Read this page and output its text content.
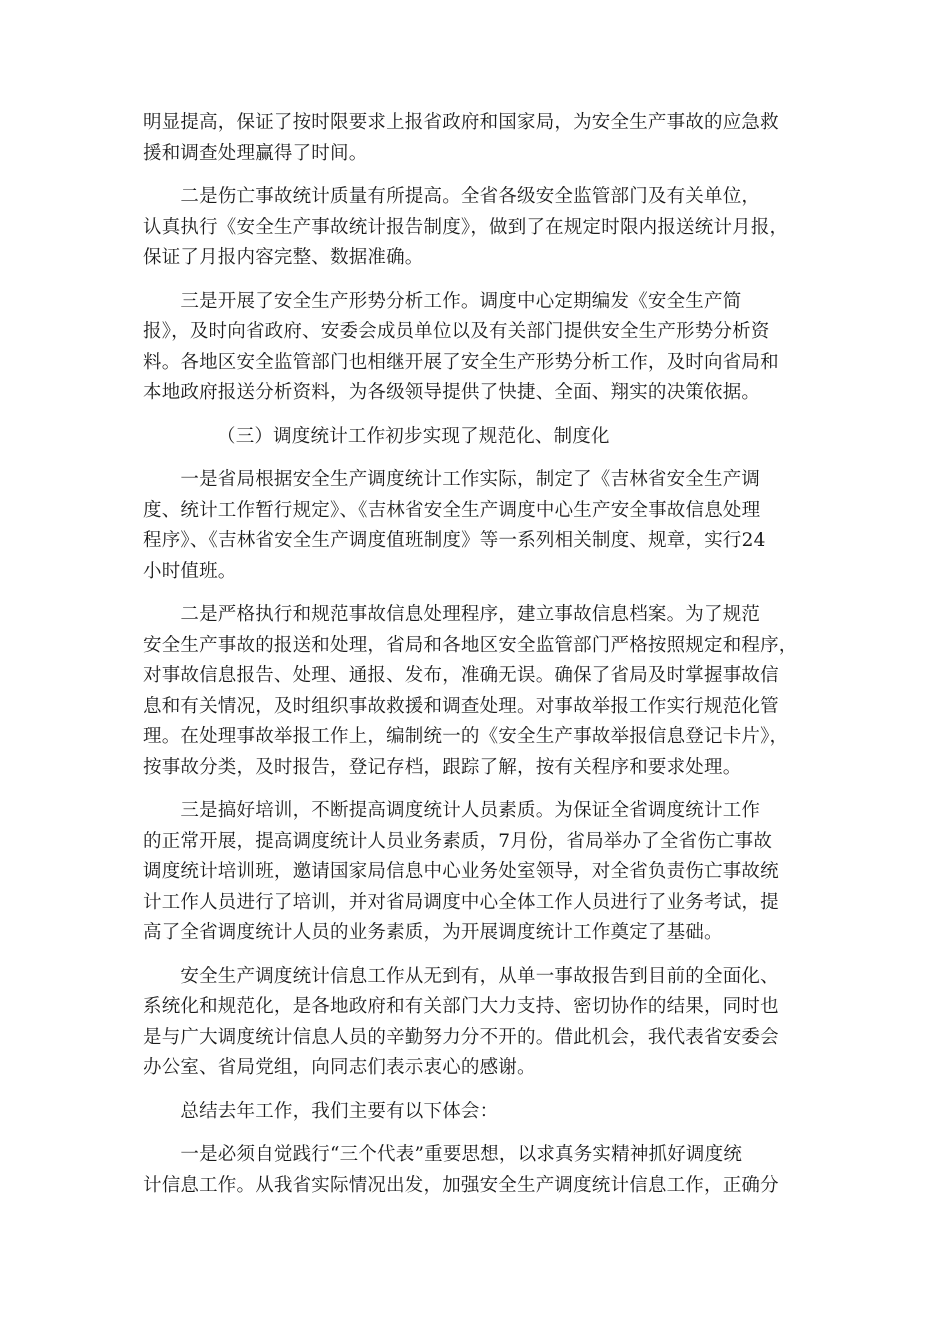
明显提高，保证了按时限要求上报省政府和国家局，为安全生产事故的应急救
援和调查处理赢得了时间。

　　二是伤亡事故统计质量有所提高。全省各级安全监管部门及有关单位，
认真执行《安全生产事故统计报告制度》，做到了在规定时限内报送统计月报，
保证了月报内容完整、数据准确。

　　三是开展了安全生产形势分析工作。调度中心定期编发《安全生产简
报》，及时向省政府、安委会成员单位以及有关部门提供安全生产形势分析资
料。各地区安全监管部门也相继开展了安全生产形势分析工作，及时向省局和
本地政府报送分析资料，为各级领导提供了快捷、全面、翔实的决策依据。

（三）调度统计工作初步实现了规范化、制度化

　　一是省局根据安全生产调度统计工作实际，制定了《吉林省安全生产调
度、统计工作暂行规定》、《吉林省安全生产调度中心生产安全事故信息处理
程序》、《吉林省安全生产调度值班制度》等一系列相关制度、规章，实行24
小时值班。

　　二是严格执行和规范事故信息处理程序，建立事故信息档案。为了规范
安全生产事故的报送和处理，省局和各地区安全监管部门严格按照规定和程序，
对事故信息报告、处理、通报、发布，准确无误。确保了省局及时掌握事故信
息和有关情况，及时组织事故救援和调查处理。对事故举报工作实行规范化管
理。在处理事故举报工作上，编制统一的《安全生产事故举报信息登记卡片》，
按事故分类，及时报告，登记存档，跟踪了解，按有关程序和要求处理。

　　三是搞好培训，不断提高调度统计人员素质。为保证全省调度统计工作
的正常开展，提高调度统计人员业务素质，7月份，省局举办了全省伤亡事故
调度统计培训班，邀请国家局信息中心业务处室领导，对全省负责伤亡事故统
计工作人员进行了培训，并对省局调度中心全体工作人员进行了业务考试，提
高了全省调度统计人员的业务素质，为开展调度统计工作奠定了基础。

　　安全生产调度统计信息工作从无到有，从单一事故报告到目前的全面化、
系统化和规范化，是各地政府和有关部门大力支持、密切协作的结果，同时也
是与广大调度统计信息人员的辛勤努力分不开的。借此机会，我代表省安委会
办公室、省局党组，向同志们表示衷心的感谢。

　　总结去年工作，我们主要有以下体会：

　　一是必须自觉践行“三个代表”重要思想，以求真务实精神抓好调度统
计信息工作。从我省实际情况出发，加强安全生产调度统计信息工作，正确分
